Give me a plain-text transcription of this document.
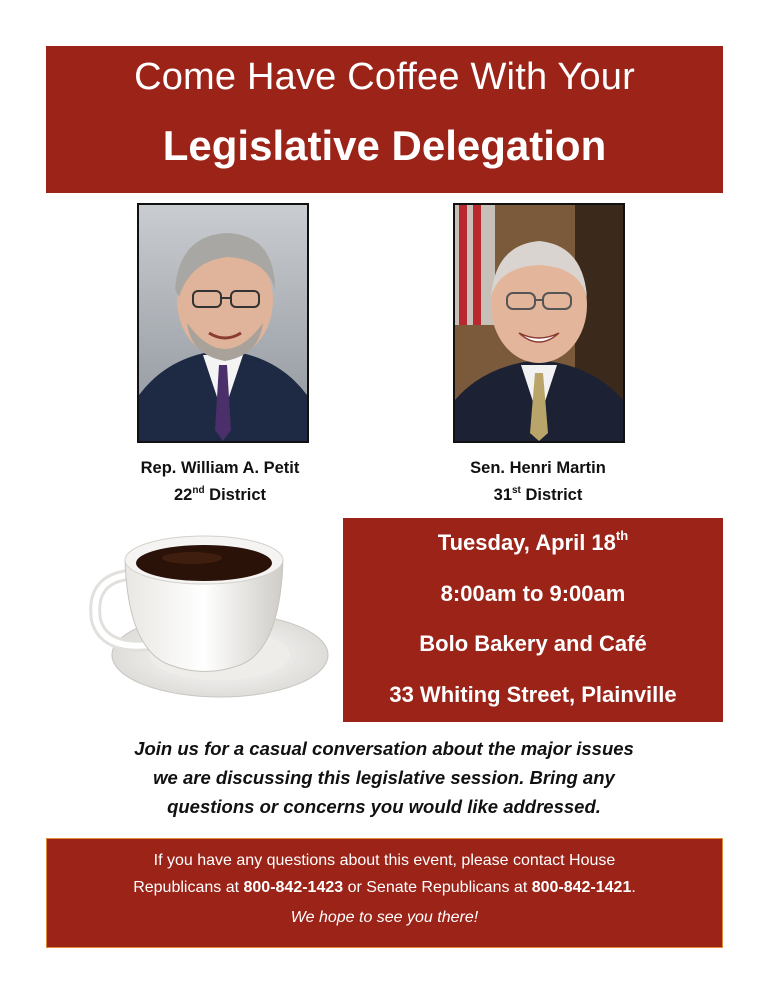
Come Have Coffee With Your
Legislative Delegation
Rep. William A. Petit
22nd District
Sen. Henri Martin
31st District
Tuesday, April 18th
8:00am to 9:00am
Bolo Bakery and Café
33 Whiting Street, Plainville
Join us for a casual conversation about the major issues
we are discussing this legislative session. Bring any
questions or concerns you would like addressed.
If you have any questions about this event, please contact House
Republicans at 800-842-1423 or Senate Republicans at 800-842-1421.
We hope to see you there!
